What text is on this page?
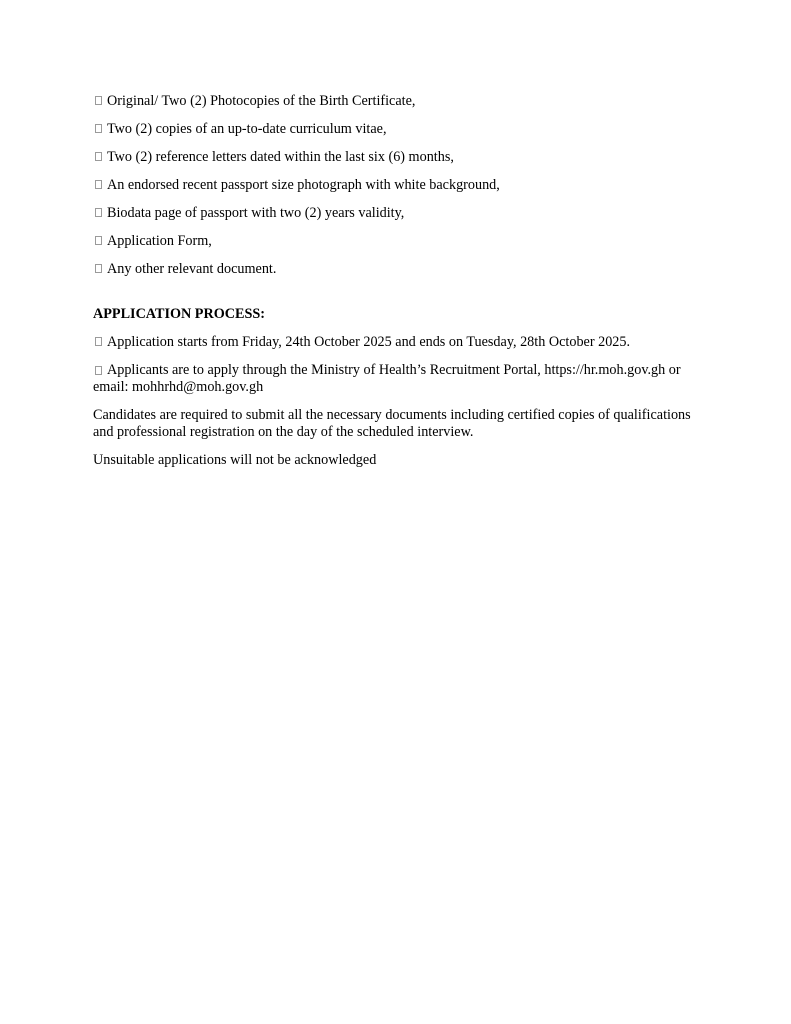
Original/ Two (2) Photocopies of the Birth Certificate,
Two (2) copies of an up-to-date curriculum vitae,
Two (2) reference letters dated within the last six (6) months,
An endorsed recent passport size photograph with white background,
Biodata page of passport with two (2) years validity,
Application Form,
Any other relevant document.
APPLICATION PROCESS:
Application starts from Friday, 24th October 2025 and ends on Tuesday, 28th October 2025.
Applicants are to apply through the Ministry of Health’s Recruitment Portal, https://hr.moh.gov.gh or email: mohhrhd@moh.gov.gh

Candidates are required to submit all the necessary documents including certified copies of qualifications and professional registration on the day of the scheduled interview.

Unsuitable applications will not be acknowledged
